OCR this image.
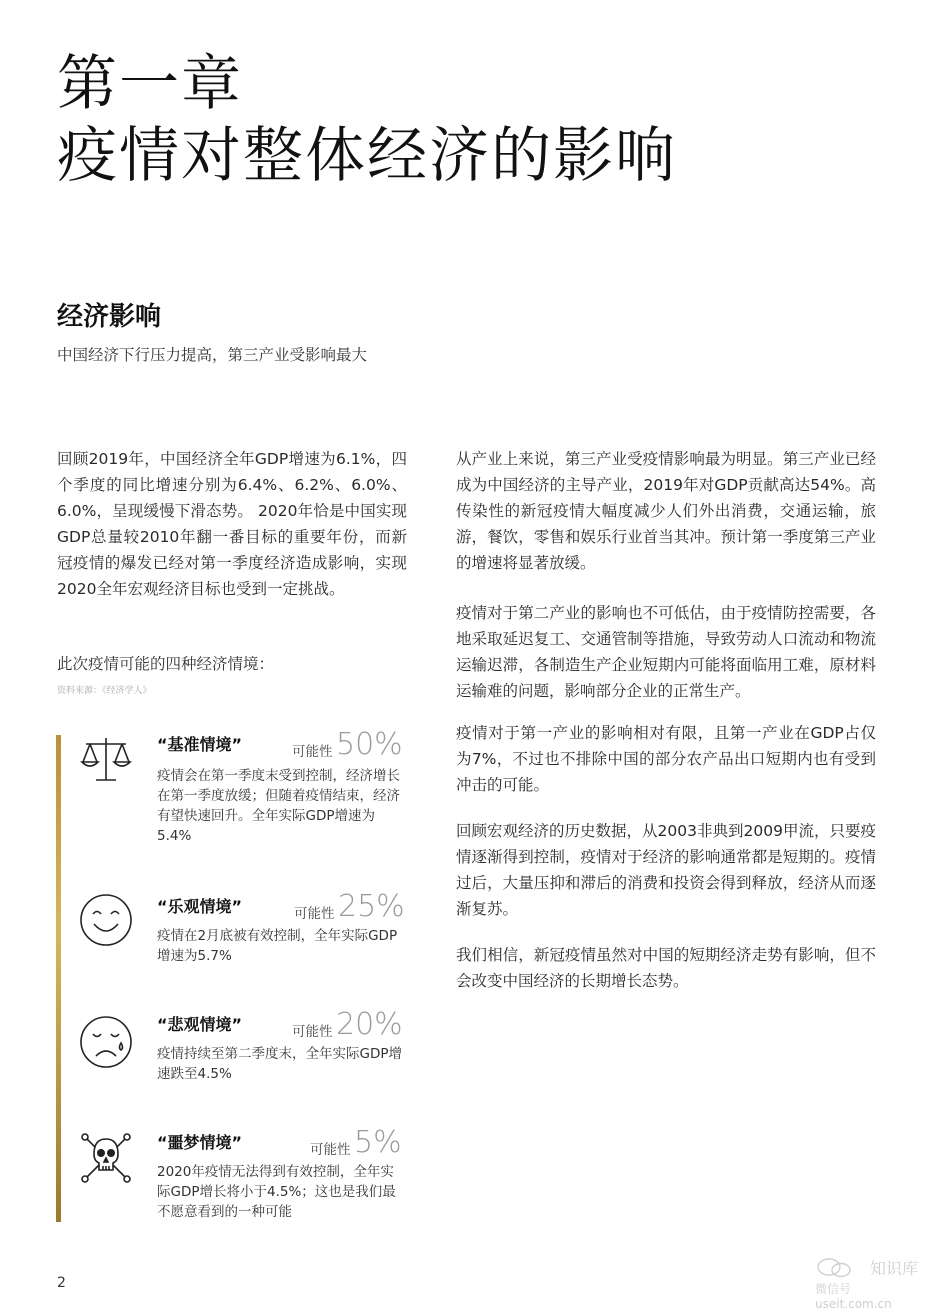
第一章
疫情对整体经济的影响
经济影响
中国经济下行压力提高，第三产业受影响最大
回顾2019年，中国经济全年GDP增速为6.1%，四个季度的同比增速分别为6.4%、6.2%、6.0%、6.0%，呈现缓慢下滑态势。 2020年恰是中国实现GDP总量较2010年翻一番目标的重要年份，而新冠疫情的爆发已经对第一季度经济造成影响，实现2020全年宏观经济目标也受到一定挑战。
此次疫情可能的四种经济情境：
资料来源：《经济学人》
“基准情境”	可能性 50%
疫情会在第一季度末受到控制，经济增长在第一季度放缓；但随着疫情结束，经济有望快速回升。全年实际GDP增速为5.4%
“乐观情境”	可能性 25%
疫情在2月底被有效控制，全年实际GDP增速为5.7%
“悲观情境”	可能性 20%
疫情持续至第二季度末，全年实际GDP增速跌至4.5%
“噩梦情境”	可能性 5%
2020年疫情无法得到有效控制，全年实际GDP增长将小于4.5%；这也是我们最不愿意看到的一种可能
从产业上来说，第三产业受疫情影响最为明显。第三产业已经成为中国经济的主导产业，2019年对GDP贡献高达54%。高传染性的新冠疫情大幅度减少人们外出消费，交通运输，旅游，餐饮，零售和娱乐行业首当其冲。预计第一季度第三产业的增速将显著放缓。
疫情对于第二产业的影响也不可低估，由于疫情防控需要，各地采取延迟复工、交通管制等措施，导致劳动人口流动和物流运输迟滞，各制造生产企业短期内可能将面临用工难，原材料运输难的问题，影响部分企业的正常生产。
疫情对于第一产业的影响相对有限，且第一产业在GDP占仅为7%，不过也不排除中国的部分农产品出口短期内也有受到冲击的可能。
回顾宏观经济的历史数据，从2003非典到2009甲流，只要疫情逐渐得到控制，疫情对于经济的影响通常都是短期的。疫情过后，大量压抑和滞后的消费和投资会得到释放，经济从而逐渐复苏。
我们相信，新冠疫情虽然对中国的短期经济走势有影响，但不会改变中国经济的长期增长态势。
2
知识库
微信号 useit.com.cn
